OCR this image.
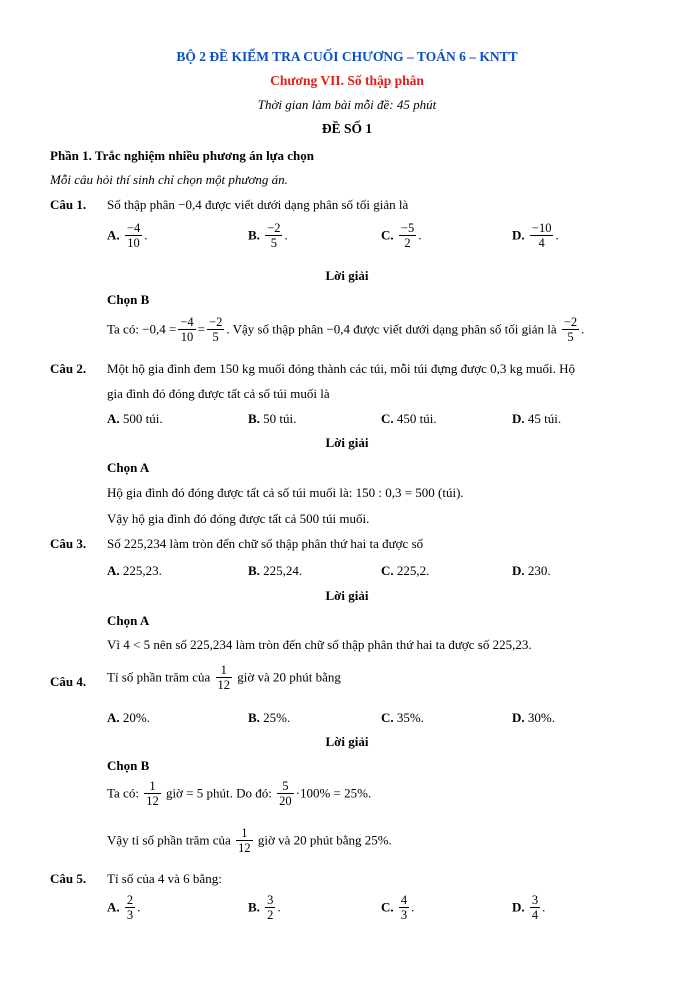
BỘ 2 ĐỀ KIỂM TRA CUỐI CHƯƠNG – TOÁN 6 – KNTT
Chương VII. Số thập phân
Thời gian làm bài mỗi đề: 45 phút
ĐỀ SỐ 1
Phần 1. Trắc nghiệm nhiều phương án lựa chọn
Mỗi câu hỏi thí sinh chỉ chọn một phương án.
Câu 1. Số thập phân −0,4 được viết dưới dạng phân số tối giản là
A. $\frac{-4}{10}$ .	B. $\frac{-2}{5}$ .	C. $\frac{-5}{2}$ .	D. $\frac{-10}{4}$ .
Lời giải
Chọn B
Ta có: $-0,4 = \frac{-4}{10} = \frac{-2}{5}$ . Vậy số thập phân −0,4 được viết dưới dạng phân số tối giản là $\frac{-2}{5}$ .
Câu 2. Một hộ gia đình đem 150 kg muối đóng thành các túi, mỗi túi đựng được 0,3 kg muối. Hộ
gia đình đó đóng được tất cả số túi muối là
A. 500 túi.	B. 50 túi.	C. 450 túi.	D. 45 túi.
Lời giải
Chọn A
Hộ gia đình đó đóng được tất cả số túi muối là: 150 : 0,3 = 500 (túi).
Vậy hộ gia đình đó đóng được tất cả 500 túi muối.
Câu 3. Số 225,234 làm tròn đến chữ số thập phân thứ hai ta được số
A. 225,23.	B. 225,24.	C. 225,2.	D. 230.
Lời giải
Chọn A
Vì 4 < 5 nên số 225,234 làm tròn đến chữ số thập phân thứ hai ta được số 225,23.
Câu 4. Tỉ số phần trăm của $\frac{1}{12}$ giờ và 20 phút bằng
A. 20%.	B. 25%.	C. 35%.	D. 30%.
Lời giải
Chọn B
Ta có: $\frac{1}{12}$ giờ = 5 phút. Do đó: $\frac{5}{20} \cdot 100\% = 25\%$.
Vậy tỉ số phần trăm của $\frac{1}{12}$ giờ và 20 phút bằng 25%.
Câu 5. Tỉ số của 4 và 6 bằng:
A. $\frac{2}{3}$ .	B. $\frac{3}{2}$ .	C. $\frac{4}{3}$ .	D. $\frac{3}{4}$ .
